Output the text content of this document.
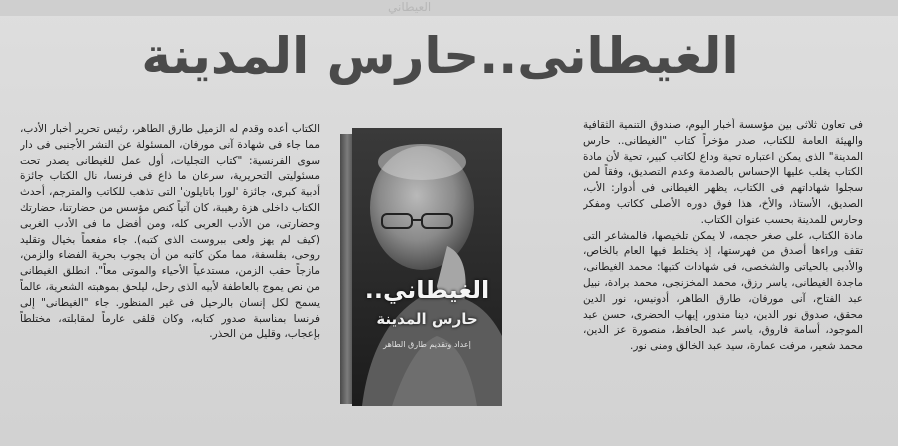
العيطاني
الغيطانى..حارس المدينة

فى تعاون ثلاثى بين مؤسسة أخبار اليوم، صندوق التنمية الثقافية والهيئة العامة للكتاب، صدر مؤخراً كتاب "الغيطانى.. حارس المدينة" الذى يمكن اعتباره تحية وداع لكاتب كبير، تحية لأن مادة الكتاب يغلب عليها الإحساس بالصدمة وعدم التصديق، وفقاً لمن سجلوا شهاداتهم فى الكتاب، يظهر الغيطانى فى أدوار: الأب، الصديق، الأستاذ، والأخ، هذا فوق دوره الأصلى ككاتب ومفكر وحارس للمدينة بحسب عنوان الكتاب.

مادة الكتاب، على صغر حجمه، لا يمكن تلخيصها، فالمشاعر التى تقف وراءها أصدق من فهرستها، إذ يختلط فيها العام بالخاص، والأدبى بالحياتى والشخصى، فى شهادات كتبها: محمد الغيطانى، ماجدة الغيطانى، ياسر رزق، محمد المخزنجى، محمد برادة، نبيل عبد الفتاح، آنى مورفان، طارق الطاهر، أدونيس، نور الدين محقق، صدوق نور الدين، دينا مندور، إيهاب الحضرى، حسن عبد الموجود، أسامة فاروق، ياسر عبد الحافظ، منصورة عز الدين، محمد شعير، مرفت عمارة، سيد عبد الخالق ومنى نور.

الغيطاني..
حارس المدينة
إعداد وتقديم طارق الطاهر

الكتاب أعده وقدم له الزميل طارق الطاهر، رئيس تحرير أخبار الأدب، مما جاء فى شهادة آنى مورفان، المسئولة عن النشر الأجنبى فى دار سوى الفرنسية: "كتاب التجليات، أول عمل للغيطانى يصدر تحت مسئوليتى التحريرية، سرعان ما ذاع فى فرنسا، نال الكتاب جائزة أدبية كبرى، جائزة 'لورا باتايلون' التى تذهب للكاتب والمترجم، أحدث الكتاب داخلى هزة رهيبة، كان آتياً كنص مؤسس من حضارتنا، حضارتك وحضارتى، من الأدب العربى كله، ومن أفضل ما فى الأدب الغربى (كيف لم يهز ولعى ببروست الذى كتبه). جاء مفعماً بخيال وتقليد روحى، بفلسفة، مما مكن كاتبه من أن يجوب بحرية الفضاء والزمن، مازجاً حقب الزمن، مستدعياً الأحياء والموتى معاً". انطلق الغيطانى من نص يموج بالعاطفة لأبيه الذى رحل، ليلحق بموهبته الشعرية، عالماً يسمح لكل إنسان بالرحيل فى غير المنظور. جاء "الغيطانى" إلى فرنسا بمناسبة صدور كتابه، وكان قلقى عارماً لمقابلته، مختلطاً بإعجاب، وقليل من الحذر.
